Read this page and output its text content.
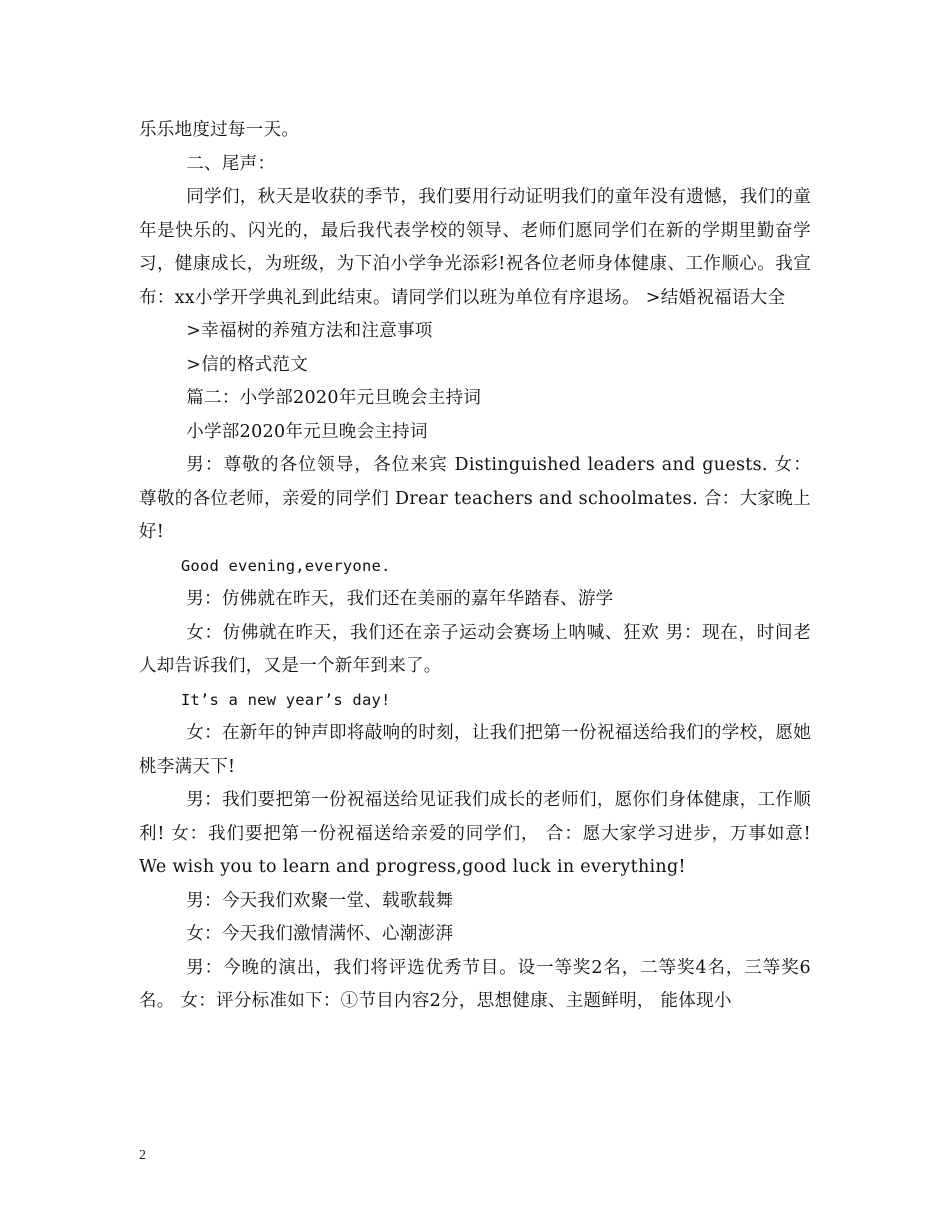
乐乐地度过每一天。

二、尾声：

同学们，秋天是收获的季节，我们要用行动证明我们的童年没有遗憾，我们的童年是快乐的、闪光的，最后我代表学校的领导、老师们愿同学们在新的学期里勤奋学习，健康成长，为班级，为下泊小学争光添彩!祝各位老师身体健康、工作顺心。我宣布：xx小学开学典礼到此结束。请同学们以班为单位有序退场。 >结婚祝福语大全

>幸福树的养殖方法和注意事项

>信的格式范文

篇二：小学部2020年元旦晚会主持词

小学部2020年元旦晚会主持词

男：尊敬的各位领导，各位来宾 Distinguished leaders and guests. 女：尊敬的各位老师，亲爱的同学们 Drear teachers and schoolmates. 合：大家晚上好!

Good evening,everyone.

男：仿佛就在昨天，我们还在美丽的嘉年华踏春、游学

女：仿佛就在昨天，我们还在亲子运动会赛场上呐喊、狂欢 男：现在，时间老人却告诉我们，又是一个新年到来了。

It’s a new year’s day!

女：在新年的钟声即将敲响的时刻，让我们把第一份祝福送给我们的学校，愿她桃李满天下!

男：我们要把第一份祝福送给见证我们成长的老师们，愿你们身体健康，工作顺利! 女：我们要把第一份祝福送给亲爱的同学们， 合：愿大家学习进步，万事如意! We wish you to learn and progress,good luck in everything!

男：今天我们欢聚一堂、载歌载舞

女：今天我们激情满怀、心潮澎湃

男：今晚的演出，我们将评选优秀节目。设一等奖2名，二等奖4名，三等奖6名。 女：评分标准如下：①节目内容2分，思想健康、主题鲜明， 能体现小

2
